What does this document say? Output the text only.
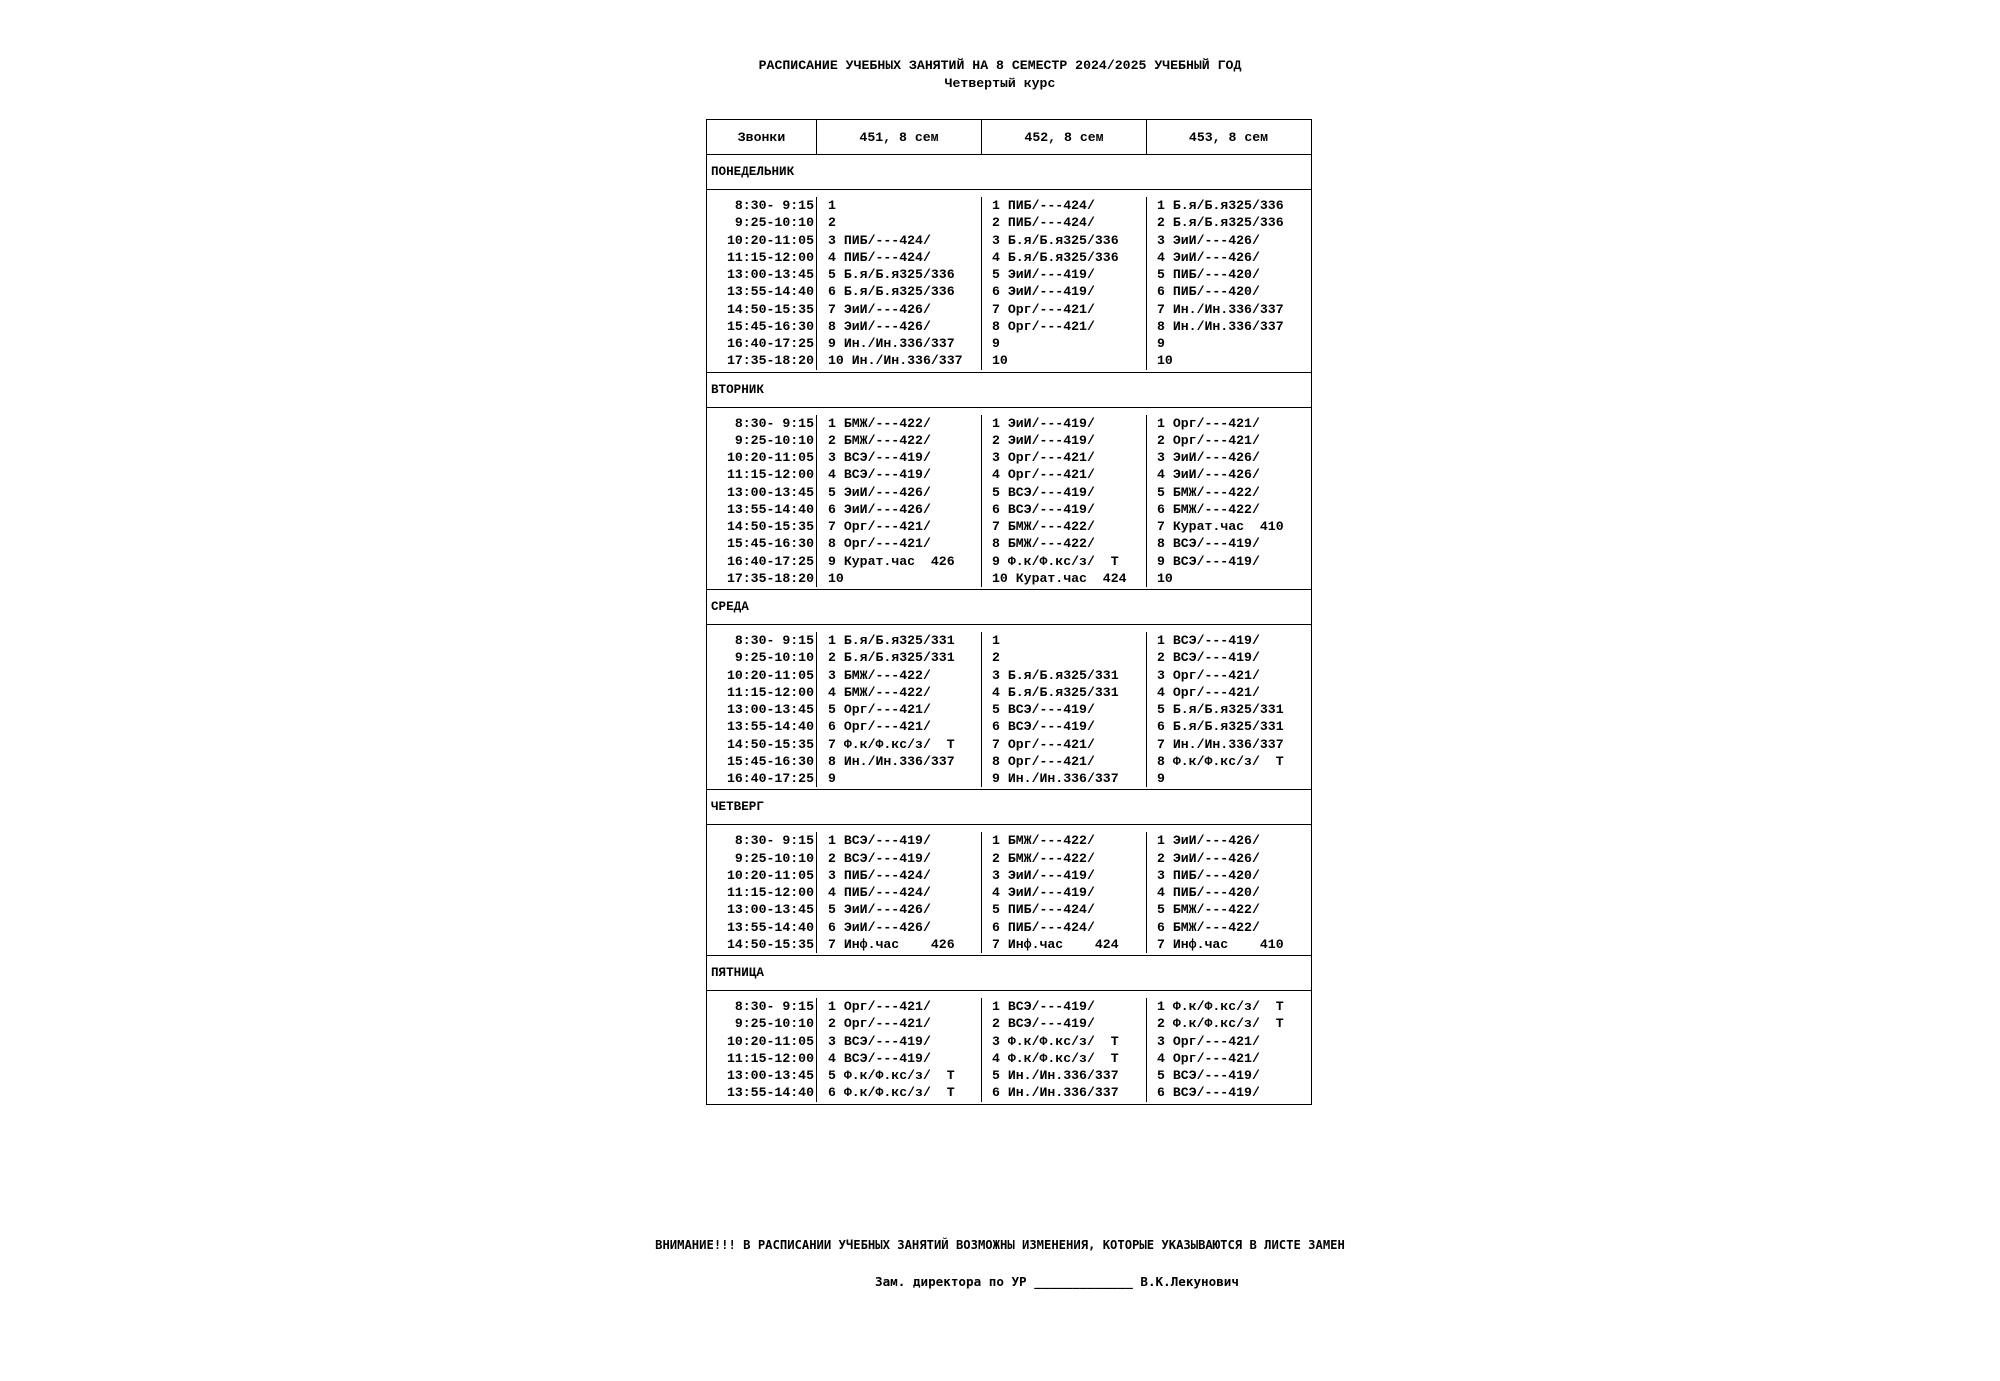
РАСПИСАНИЕ УЧЕБНЫХ ЗАНЯТИЙ НА 8 СЕМЕСТР 2024/2025 УЧЕБНЫЙ ГОД
Четвертый курс
Звонки	451, 8 сем	452, 8 сем	453, 8 сем
ПОНЕДЕЛЬНИК
8:30- 9:15	1	1 ПИБ/---424/	1 Б.я/Б.я325/336
9:25-10:10	2	2 ПИБ/---424/	2 Б.я/Б.я325/336
10:20-11:05	3 ПИБ/---424/	3 Б.я/Б.я325/336	3 ЭиИ/---426/
11:15-12:00	4 ПИБ/---424/	4 Б.я/Б.я325/336	4 ЭиИ/---426/
13:00-13:45	5 Б.я/Б.я325/336	5 ЭиИ/---419/	5 ПИБ/---420/
13:55-14:40	6 Б.я/Б.я325/336	6 ЭиИ/---419/	6 ПИБ/---420/
14:50-15:35	7 ЭиИ/---426/	7 Орг/---421/	7 Ин./Ин.336/337
15:45-16:30	8 ЭиИ/---426/	8 Орг/---421/	8 Ин./Ин.336/337
16:40-17:25	9 Ин./Ин.336/337	9	9
17:35-18:20	10 Ин./Ин.336/337	10	10
ВТОРНИК
8:30- 9:15	1 БМЖ/---422/	1 ЭиИ/---419/	1 Орг/---421/
9:25-10:10	2 БМЖ/---422/	2 ЭиИ/---419/	2 Орг/---421/
10:20-11:05	3 ВСЭ/---419/	3 Орг/---421/	3 ЭиИ/---426/
11:15-12:00	4 ВСЭ/---419/	4 Орг/---421/	4 ЭиИ/---426/
13:00-13:45	5 ЭиИ/---426/	5 ВСЭ/---419/	5 БМЖ/---422/
13:55-14:40	6 ЭиИ/---426/	6 ВСЭ/---419/	6 БМЖ/---422/
14:50-15:35	7 Орг/---421/	7 БМЖ/---422/	7 Курат.час  410
15:45-16:30	8 Орг/---421/	8 БМЖ/---422/	8 ВСЭ/---419/
16:40-17:25	9 Курат.час  426	9 Ф.к/Ф.кс/з/  Т	9 ВСЭ/---419/
17:35-18:20	10	10 Курат.час  424	10
СРЕДА
8:30- 9:15	1 Б.я/Б.я325/331	1	1 ВСЭ/---419/
9:25-10:10	2 Б.я/Б.я325/331	2	2 ВСЭ/---419/
10:20-11:05	3 БМЖ/---422/	3 Б.я/Б.я325/331	3 Орг/---421/
11:15-12:00	4 БМЖ/---422/	4 Б.я/Б.я325/331	4 Орг/---421/
13:00-13:45	5 Орг/---421/	5 ВСЭ/---419/	5 Б.я/Б.я325/331
13:55-14:40	6 Орг/---421/	6 ВСЭ/---419/	6 Б.я/Б.я325/331
14:50-15:35	7 Ф.к/Ф.кс/з/  Т	7 Орг/---421/	7 Ин./Ин.336/337
15:45-16:30	8 Ин./Ин.336/337	8 Орг/---421/	8 Ф.к/Ф.кс/з/  Т
16:40-17:25	9	9 Ин./Ин.336/337	9
ЧЕТВЕРГ
8:30- 9:15	1 ВСЭ/---419/	1 БМЖ/---422/	1 ЭиИ/---426/
9:25-10:10	2 ВСЭ/---419/	2 БМЖ/---422/	2 ЭиИ/---426/
10:20-11:05	3 ПИБ/---424/	3 ЭиИ/---419/	3 ПИБ/---420/
11:15-12:00	4 ПИБ/---424/	4 ЭиИ/---419/	4 ПИБ/---420/
13:00-13:45	5 ЭиИ/---426/	5 ПИБ/---424/	5 БМЖ/---422/
13:55-14:40	6 ЭиИ/---426/	6 ПИБ/---424/	6 БМЖ/---422/
14:50-15:35	7 Инф.час    426	7 Инф.час    424	7 Инф.час    410
ПЯТНИЦА
8:30- 9:15	1 Орг/---421/	1 ВСЭ/---419/	1 Ф.к/Ф.кс/з/  Т
9:25-10:10	2 Орг/---421/	2 ВСЭ/---419/	2 Ф.к/Ф.кс/з/  Т
10:20-11:05	3 ВСЭ/---419/	3 Ф.к/Ф.кс/з/  Т	3 Орг/---421/
11:15-12:00	4 ВСЭ/---419/	4 Ф.к/Ф.кс/з/  Т	4 Орг/---421/
13:00-13:45	5 Ф.к/Ф.кс/з/  Т	5 Ин./Ин.336/337	5 ВСЭ/---419/
13:55-14:40	6 Ф.к/Ф.кс/з/  Т	6 Ин./Ин.336/337	6 ВСЭ/---419/
ВНИМАНИЕ!!! В РАСПИСАНИИ УЧЕБНЫХ ЗАНЯТИЙ ВОЗМОЖНЫ ИЗМЕНЕНИЯ, КОТОРЫЕ УКАЗЫВАЮТСЯ В ЛИСТЕ ЗАМЕН
Зам. директора по УР _____________ В.К.Лекунович
